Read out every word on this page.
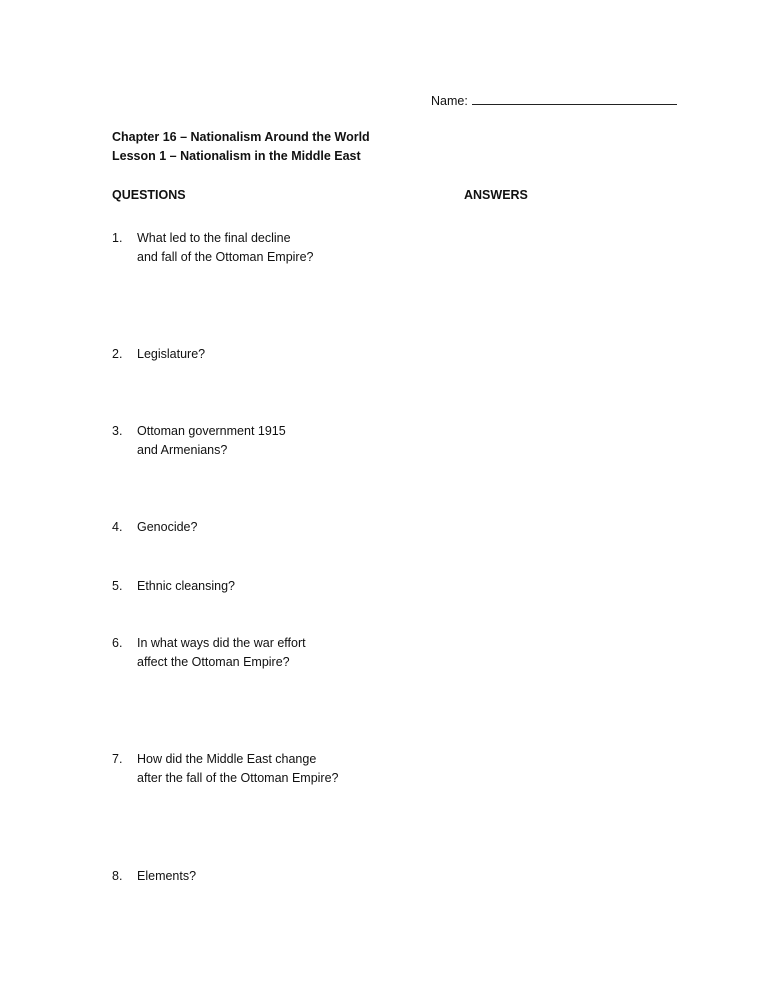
Name:
Chapter 16 – Nationalism Around the World
Lesson 1 – Nationalism in the Middle East
QUESTIONS	ANSWERS
1. What led to the final decline
and fall of the Ottoman Empire?
2. Legislature?
3. Ottoman government 1915
and Armenians?
4. Genocide?
5. Ethnic cleansing?
6. In what ways did the war effort
affect the Ottoman Empire?
7. How did the Middle East change
after the fall of the Ottoman Empire?
8. Elements?
